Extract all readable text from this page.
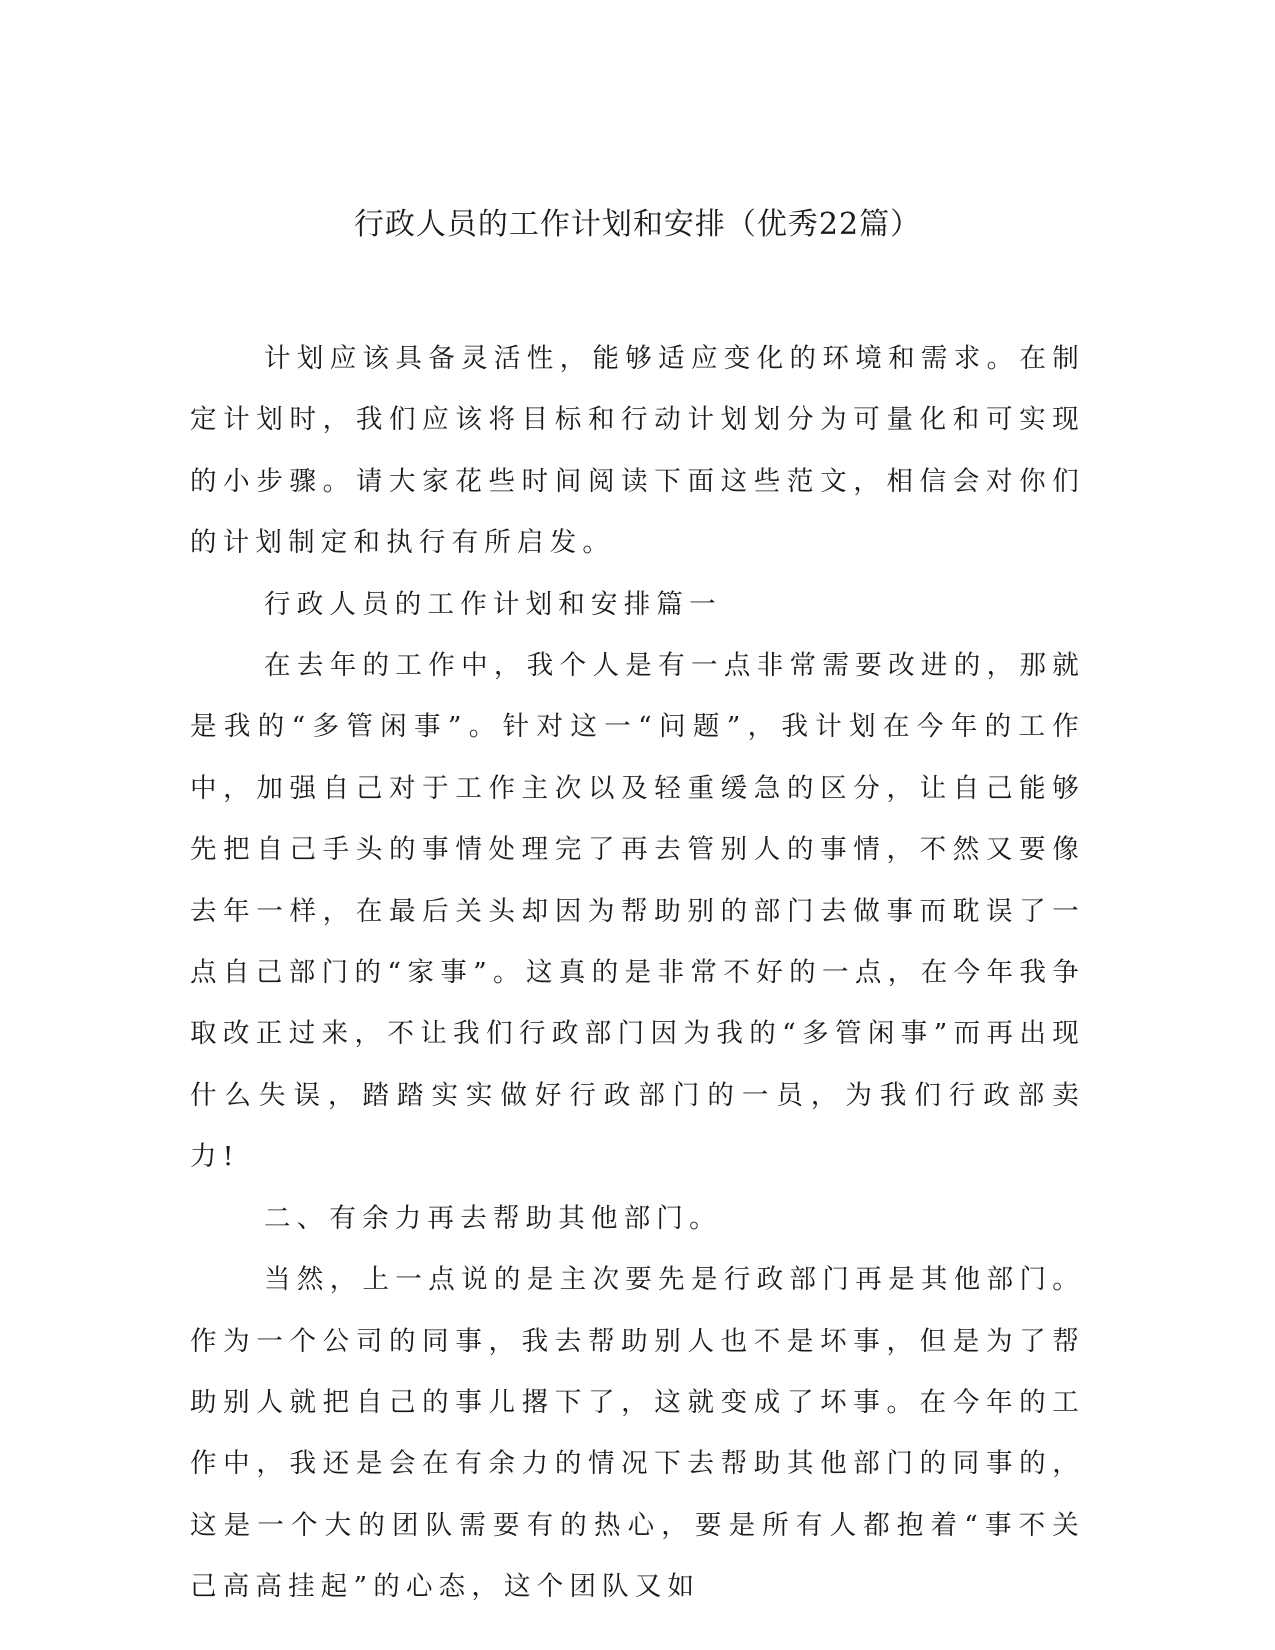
行政人员的工作计划和安排（优秀22篇）

计划应该具备灵活性，能够适应变化的环境和需求。在制定计划时，我们应该将目标和行动计划划分为可量化和可实现的小步骤。请大家花些时间阅读下面这些范文，相信会对你们的计划制定和执行有所启发。

行政人员的工作计划和安排篇一

在去年的工作中，我个人是有一点非常需要改进的，那就是我的“多管闲事”。针对这一“问题”，我计划在今年的工作中，加强自己对于工作主次以及轻重缓急的区分，让自己能够先把自己手头的事情处理完了再去管别人的事情，不然又要像去年一样，在最后关头却因为帮助别的部门去做事而耽误了一点自己部门的“家事”。这真的是非常不好的一点，在今年我争取改正过来，不让我们行政部门因为我的“多管闲事”而再出现什么失误，踏踏实实做好行政部门的一员，为我们行政部卖力!

二、有余力再去帮助其他部门。

当然，上一点说的是主次要先是行政部门再是其他部门。作为一个公司的同事，我去帮助别人也不是坏事，但是为了帮助别人就把自己的事儿撂下了，这就变成了坏事。在今年的工作中，我还是会在有余力的情况下去帮助其他部门的同事的，这是一个大的团队需要有的热心，要是所有人都抱着“事不关己高高挂起”的心态，这个团队又如
